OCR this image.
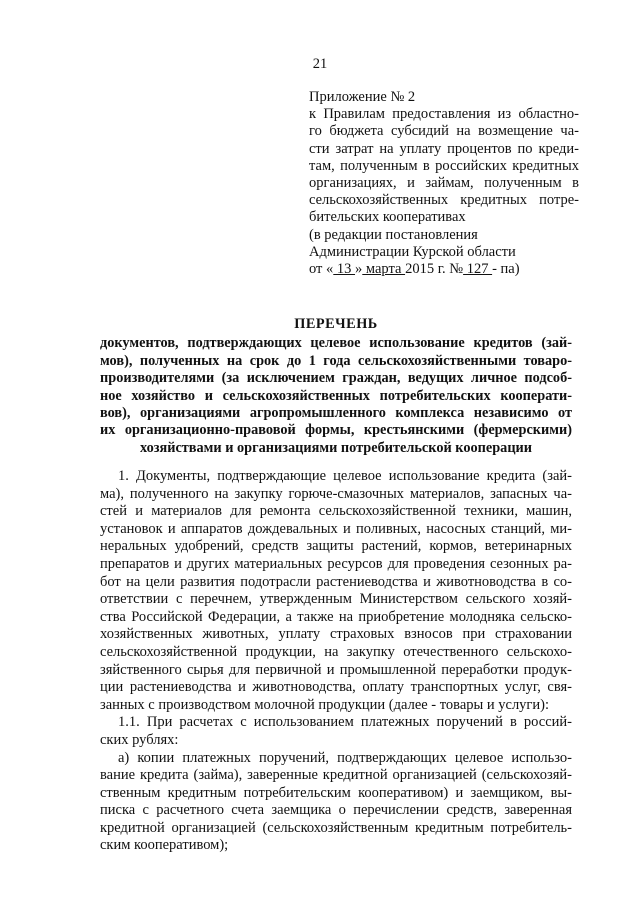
21
Приложение № 2
к Правилам предоставления из областно-
го бюджета субсидий на возмещение ча-
сти затрат на уплату процентов по креди-
там, полученным в российских кредитных
организациях, и займам, полученным в
сельскохозяйственных кредитных потре-
бительских кооперативах
(в редакции постановления
Администрации Курской области
от « 13 » марта 2015 г. № 127 - па)
ПЕРЕЧЕНЬ
документов, подтверждающих целевое использование кредитов (зай-
мов), полученных на срок до 1 года сельскохозяйственными товаро-
производителями (за исключением граждан, ведущих личное подсоб-
ное хозяйство и сельскохозяйственных потребительских кооперати-
вов), организациями агропромышленного комплекса независимо от
их организационно-правовой формы, крестьянскими (фермерскими)
хозяйствами и организациями потребительской кооперации
1. Документы, подтверждающие целевое использование кредита (зай-
ма), полученного на закупку горюче-смазочных материалов, запасных ча-
стей и материалов для ремонта сельскохозяйственной техники, машин,
установок и аппаратов дождевальных и поливных, насосных станций, ми-
неральных удобрений, средств защиты растений, кормов, ветеринарных
препаратов и других материальных ресурсов для проведения сезонных ра-
бот на цели развития подотрасли растениеводства и животноводства в со-
ответствии с перечнем, утвержденным Министерством сельского хозяй-
ства Российской Федерации, а также на приобретение молодняка сельско-
хозяйственных животных, уплату страховых взносов при страховании
сельскохозяйственной продукции, на закупку отечественного сельскохо-
зяйственного сырья для первичной и промышленной переработки продук-
ции растениеводства и животноводства, оплату транспортных услуг, свя-
занных с производством молочной продукции (далее - товары и услуги):
1.1. При расчетах с использованием платежных поручений в россий-
ских рублях:
а) копии платежных поручений, подтверждающих целевое использо-
вание кредита (займа), заверенные кредитной организацией (сельскохозяй-
ственным кредитным потребительским кооперативом) и заемщиком, вы-
писка с расчетного счета заемщика о перечислении средств, заверенная
кредитной организацией (сельскохозяйственным кредитным потребитель-
ским кооперативом);
